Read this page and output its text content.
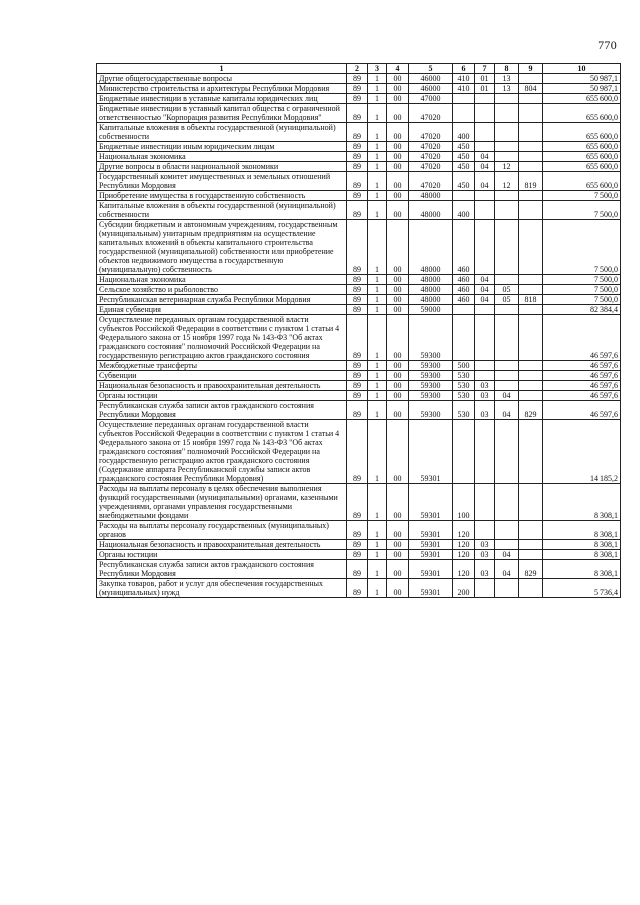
770
1	2	3	4	5	6	7	8	9	10
Другие общегосударственные вопросы	89	1	00	46000	410	01	13		50 987,1
Министерство строительства и архитектуры Республики Мордовия	89	1	00	46000	410	01	13	804	50 987,1
Бюджетные инвестиции в уставные капиталы юридических лиц	89	1	00	47000					655 600,0
Бюджетные инвестиции в уставный капитал общества с ограниченной ответственностью "Корпорация развития Республики Мордовия"	89	1	00	47020					655 600,0
Капитальные вложения в объекты государственной (муниципальной) собственности	89	1	00	47020	400				655 600,0
Бюджетные инвестиции иным юридическим лицам	89	1	00	47020	450				655 600,0
Национальная экономика	89	1	00	47020	450	04			655 600,0
Другие вопросы в области национальной экономики	89	1	00	47020	450	04	12		655 600,0
Государственный комитет имущественных и земельных отношений Республики Мордовия	89	1	00	47020	450	04	12	819	655 600,0
Приобретение имущества в государственную собственность	89	1	00	48000					7 500,0
Капитальные вложения в объекты государственной (муниципальной) собственности	89	1	00	48000	400				7 500,0
Субсидии бюджетным и автономным учреждениям, государственным (муниципальным) унитарным предприятиям на осуществление капитальных вложений в объекты капитального строительства государственной (муниципальной) собственности или приобретение объектов недвижимого имущества в государственную (муниципальную) собственность	89	1	00	48000	460				7 500,0
Национальная экономика	89	1	00	48000	460	04			7 500,0
Сельское хозяйство и рыболовство	89	1	00	48000	460	04	05		7 500,0
Республиканская ветеринарная служба Республики Мордовия	89	1	00	48000	460	04	05	818	7 500,0
Единая субвенция	89	1	00	59000					82 384,4
Осуществление переданных органам государственной власти субъектов Российской Федерации в соответствии с пунктом 1 статьи 4 Федерального закона от 15 ноября 1997 года № 143-ФЗ "Об актах гражданского состояния" полномочий Российской Федерации на государственную регистрацию актов гражданского состояния	89	1	00	59300					46 597,6
Межбюджетные трансферты	89	1	00	59300	500				46 597,6
Субвенции	89	1	00	59300	530				46 597,6
Национальная безопасность и правоохранительная деятельность	89	1	00	59300	530	03			46 597,6
Органы юстиции	89	1	00	59300	530	03	04		46 597,6
Республиканская служба записи актов гражданского состояния Республики Мордовия	89	1	00	59300	530	03	04	829	46 597,6
Осуществление переданных органам государственной власти субъектов Российской Федерации в соответствии с пунктом 1 статьи 4 Федерального закона от 15 ноября 1997 года № 143-ФЗ "Об актах гражданского состояния" полномочий Российской Федерации на государственную регистрацию актов гражданского состояния (Содержание аппарата Республиканской службы записи актов гражданского состояния Республики Мордовия)	89	1	00	59301					14 185,2
Расходы на выплаты персоналу в целях обеспечения выполнения функций государственными (муниципальными) органами, казенными учреждениями, органами управления государственными внебюджетными фондами	89	1	00	59301	100				8 308,1
Расходы на выплаты персоналу государственных (муниципальных) органов	89	1	00	59301	120				8 308,1
Национальная безопасность и правоохранительная деятельность	89	1	00	59301	120	03			8 308,1
Органы юстиции	89	1	00	59301	120	03	04		8 308,1
Республиканская служба записи актов гражданского состояния Республики Мордовия	89	1	00	59301	120	03	04	829	8 308,1
Закупка товаров, работ и услуг для обеспечения государственных (муниципальных) нужд	89	1	00	59301	200				5 736,4
